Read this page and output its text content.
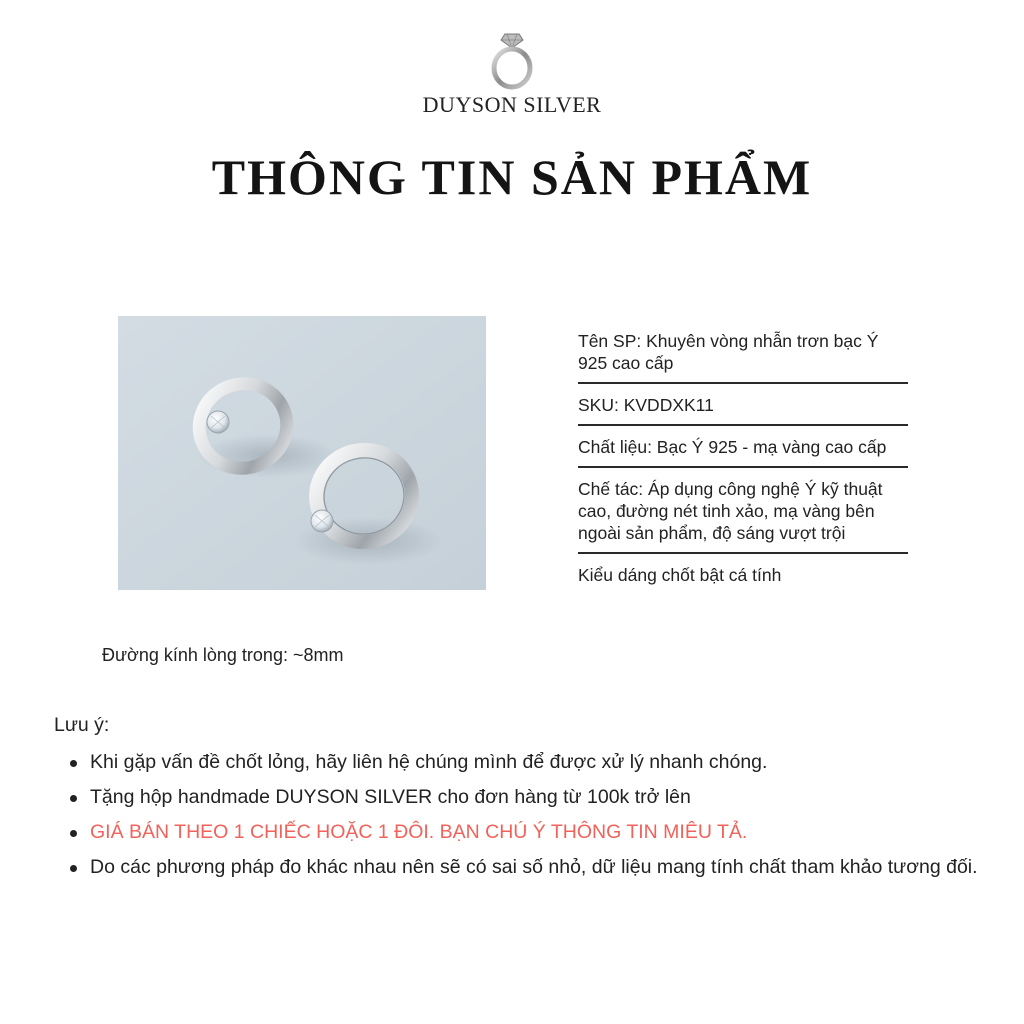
DUYSON SILVER
THÔNG TIN SẢN PHẨM
Đường kính lòng trong: ~8mm
Tên SP: Khuyên vòng nhẫn trơn bạc Ý 925 cao cấp
SKU: KVDDXK11
Chất liệu: Bạc Ý 925 - mạ vàng cao cấp
Chế tác: Áp dụng công nghệ Ý kỹ thuật cao, đường nét tinh xảo, mạ vàng bên ngoài sản phẩm, độ sáng vượt trội
Kiểu dáng chốt bật cá tính
Lưu ý:
Khi gặp vấn đề chốt lỏng, hãy liên hệ chúng mình để được xử lý nhanh chóng.
Tặng hộp handmade DUYSON SILVER cho đơn hàng từ 100k trở lên
GIÁ BÁN THEO 1 CHIẾC HOẶC 1 ĐÔI. BẠN CHÚ Ý THÔNG TIN MIÊU TẢ.
Do các phương pháp đo khác nhau nên sẽ có sai số nhỏ, dữ liệu mang tính chất tham khảo tương đối.
